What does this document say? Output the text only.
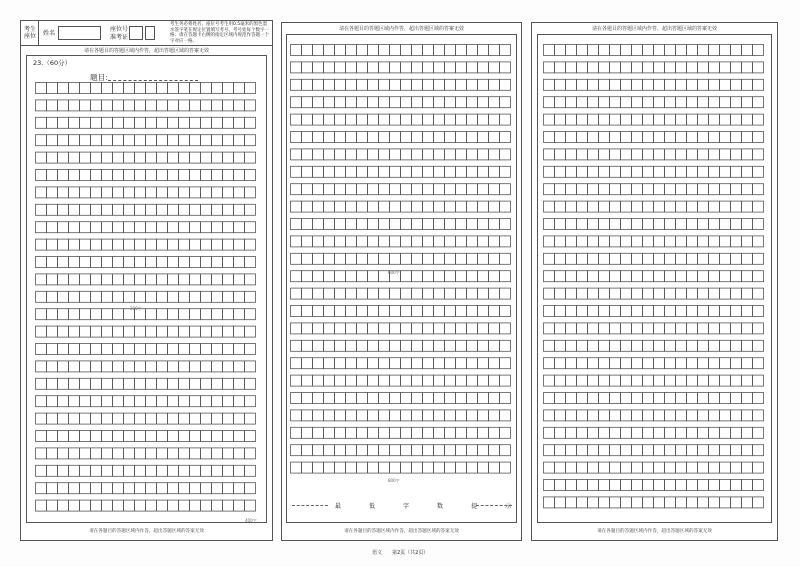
考生
座位	姓名
座位号
准考证
考生务必将姓名、座位号考生用0.5毫米的黑色墨水签字笔在规定位置填写考号，考号处每个数字一格；请在答题卡右侧的指定区域内规范作答题一个字对应一格。
请在各题目的答题区域内作答，超出答题区域的答案无效
23.（60分）
题目：
200字
400字
请在各题目的答题区域内作答，超出答题区域的答案无效
请在各题目的答题区域内作答，超出答题区域的答案无效
600字
800字
最	低	字	数	提	示
请在各题目的答题区域内作答，超出答题区域的答案无效
请在各题目的答题区域内作答，超出答题区域的答案无效
请在各题目的答题区域内作答，超出答题区域的答案无效
语文 第2页（共2页）
